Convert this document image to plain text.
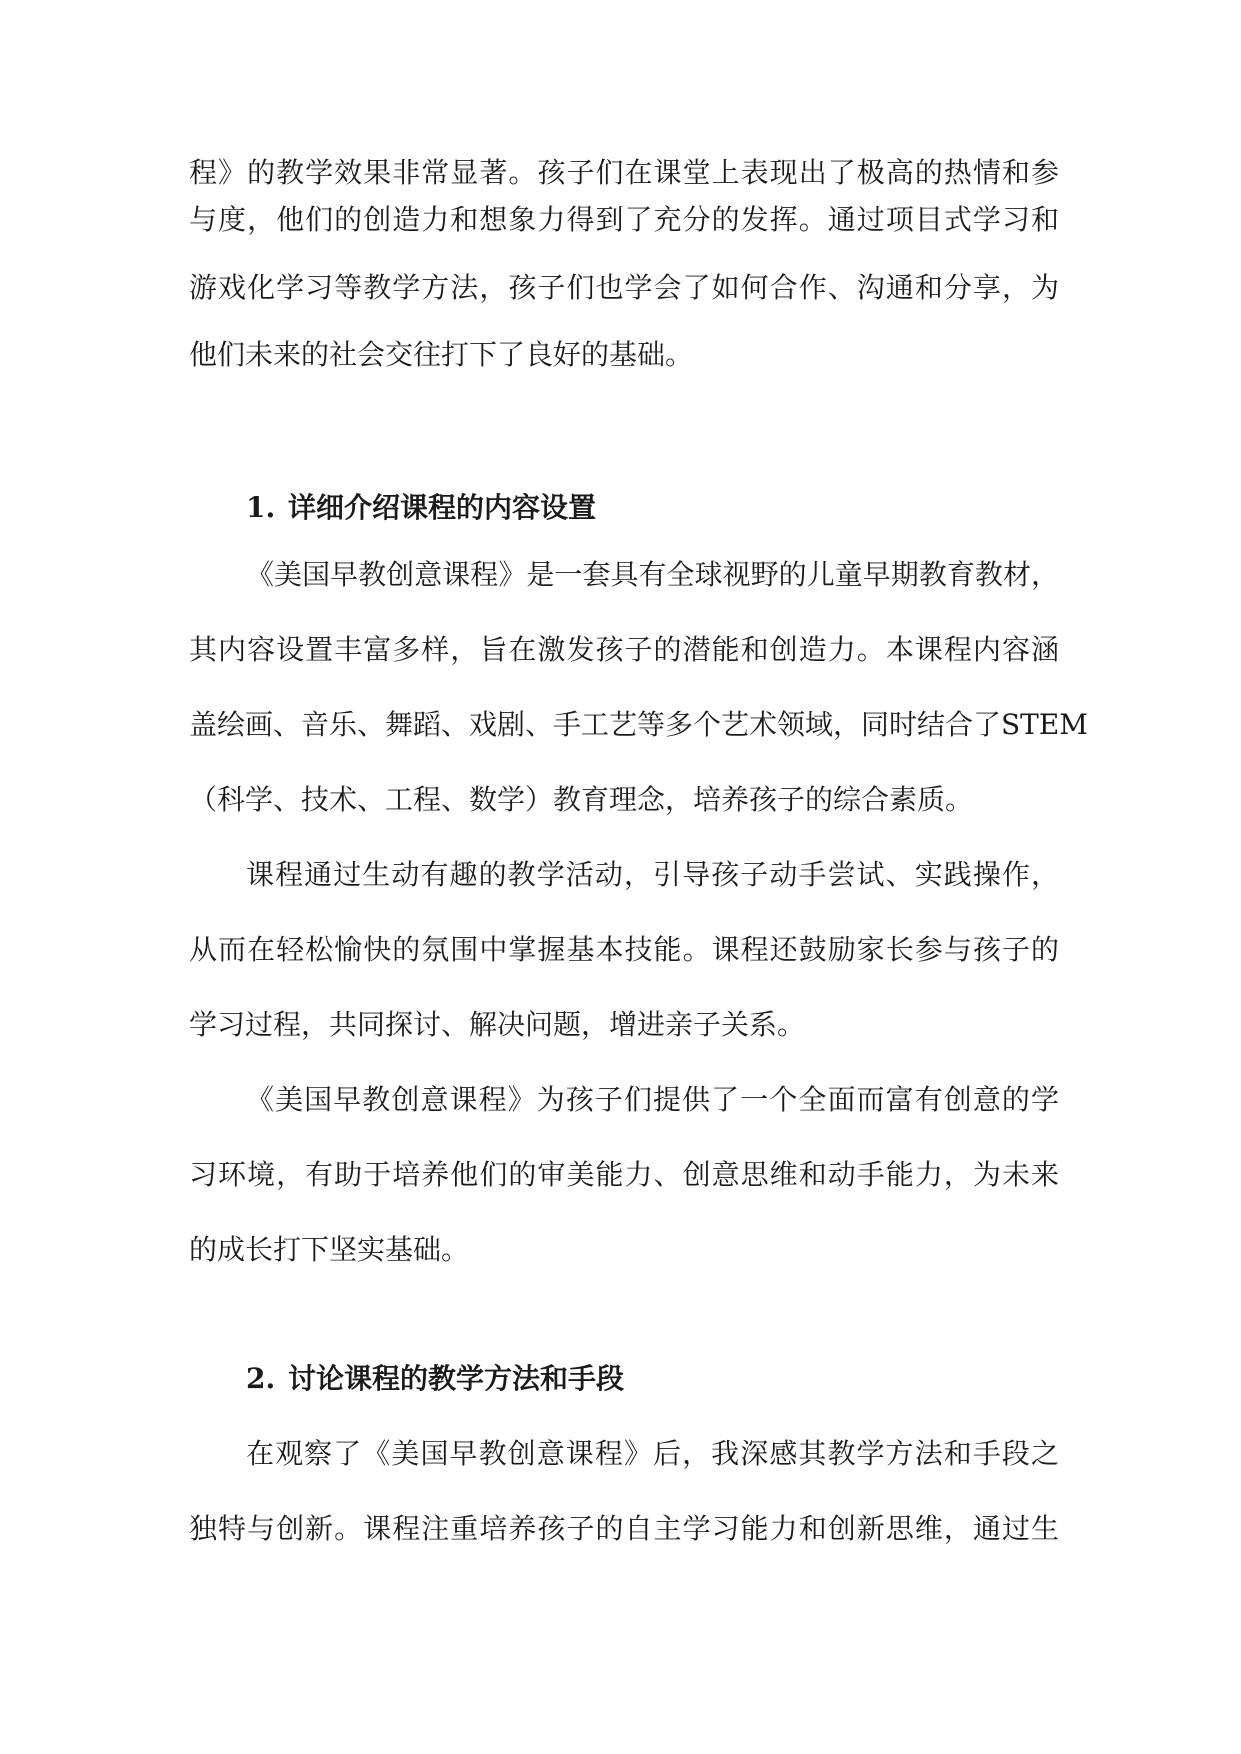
程》的教学效果非常显著。孩子们在课堂上表现出了极高的热情和参

与度，他们的创造力和想象力得到了充分的发挥。通过项目式学习和

游戏化学习等教学方法，孩子们也学会了如何合作、沟通和分享，为

他们未来的社会交往打下了良好的基础。

1. 详细介绍课程的内容设置

《美国早教创意课程》是一套具有全球视野的儿童早期教育教材，

其内容设置丰富多样，旨在激发孩子的潜能和创造力。本课程内容涵

盖绘画、音乐、舞蹈、戏剧、手工艺等多个艺术领域，同时结合了STEM

（科学、技术、工程、数学）教育理念，培养孩子的综合素质。

课程通过生动有趣的教学活动，引导孩子动手尝试、实践操作，

从而在轻松愉快的氛围中掌握基本技能。课程还鼓励家长参与孩子的

学习过程，共同探讨、解决问题，增进亲子关系。

《美国早教创意课程》为孩子们提供了一个全面而富有创意的学

习环境，有助于培养他们的审美能力、创意思维和动手能力，为未来

的成长打下坚实基础。

2. 讨论课程的教学方法和手段

在观察了《美国早教创意课程》后，我深感其教学方法和手段之

独特与创新。课程注重培养孩子的自主学习能力和创新思维，通过生
